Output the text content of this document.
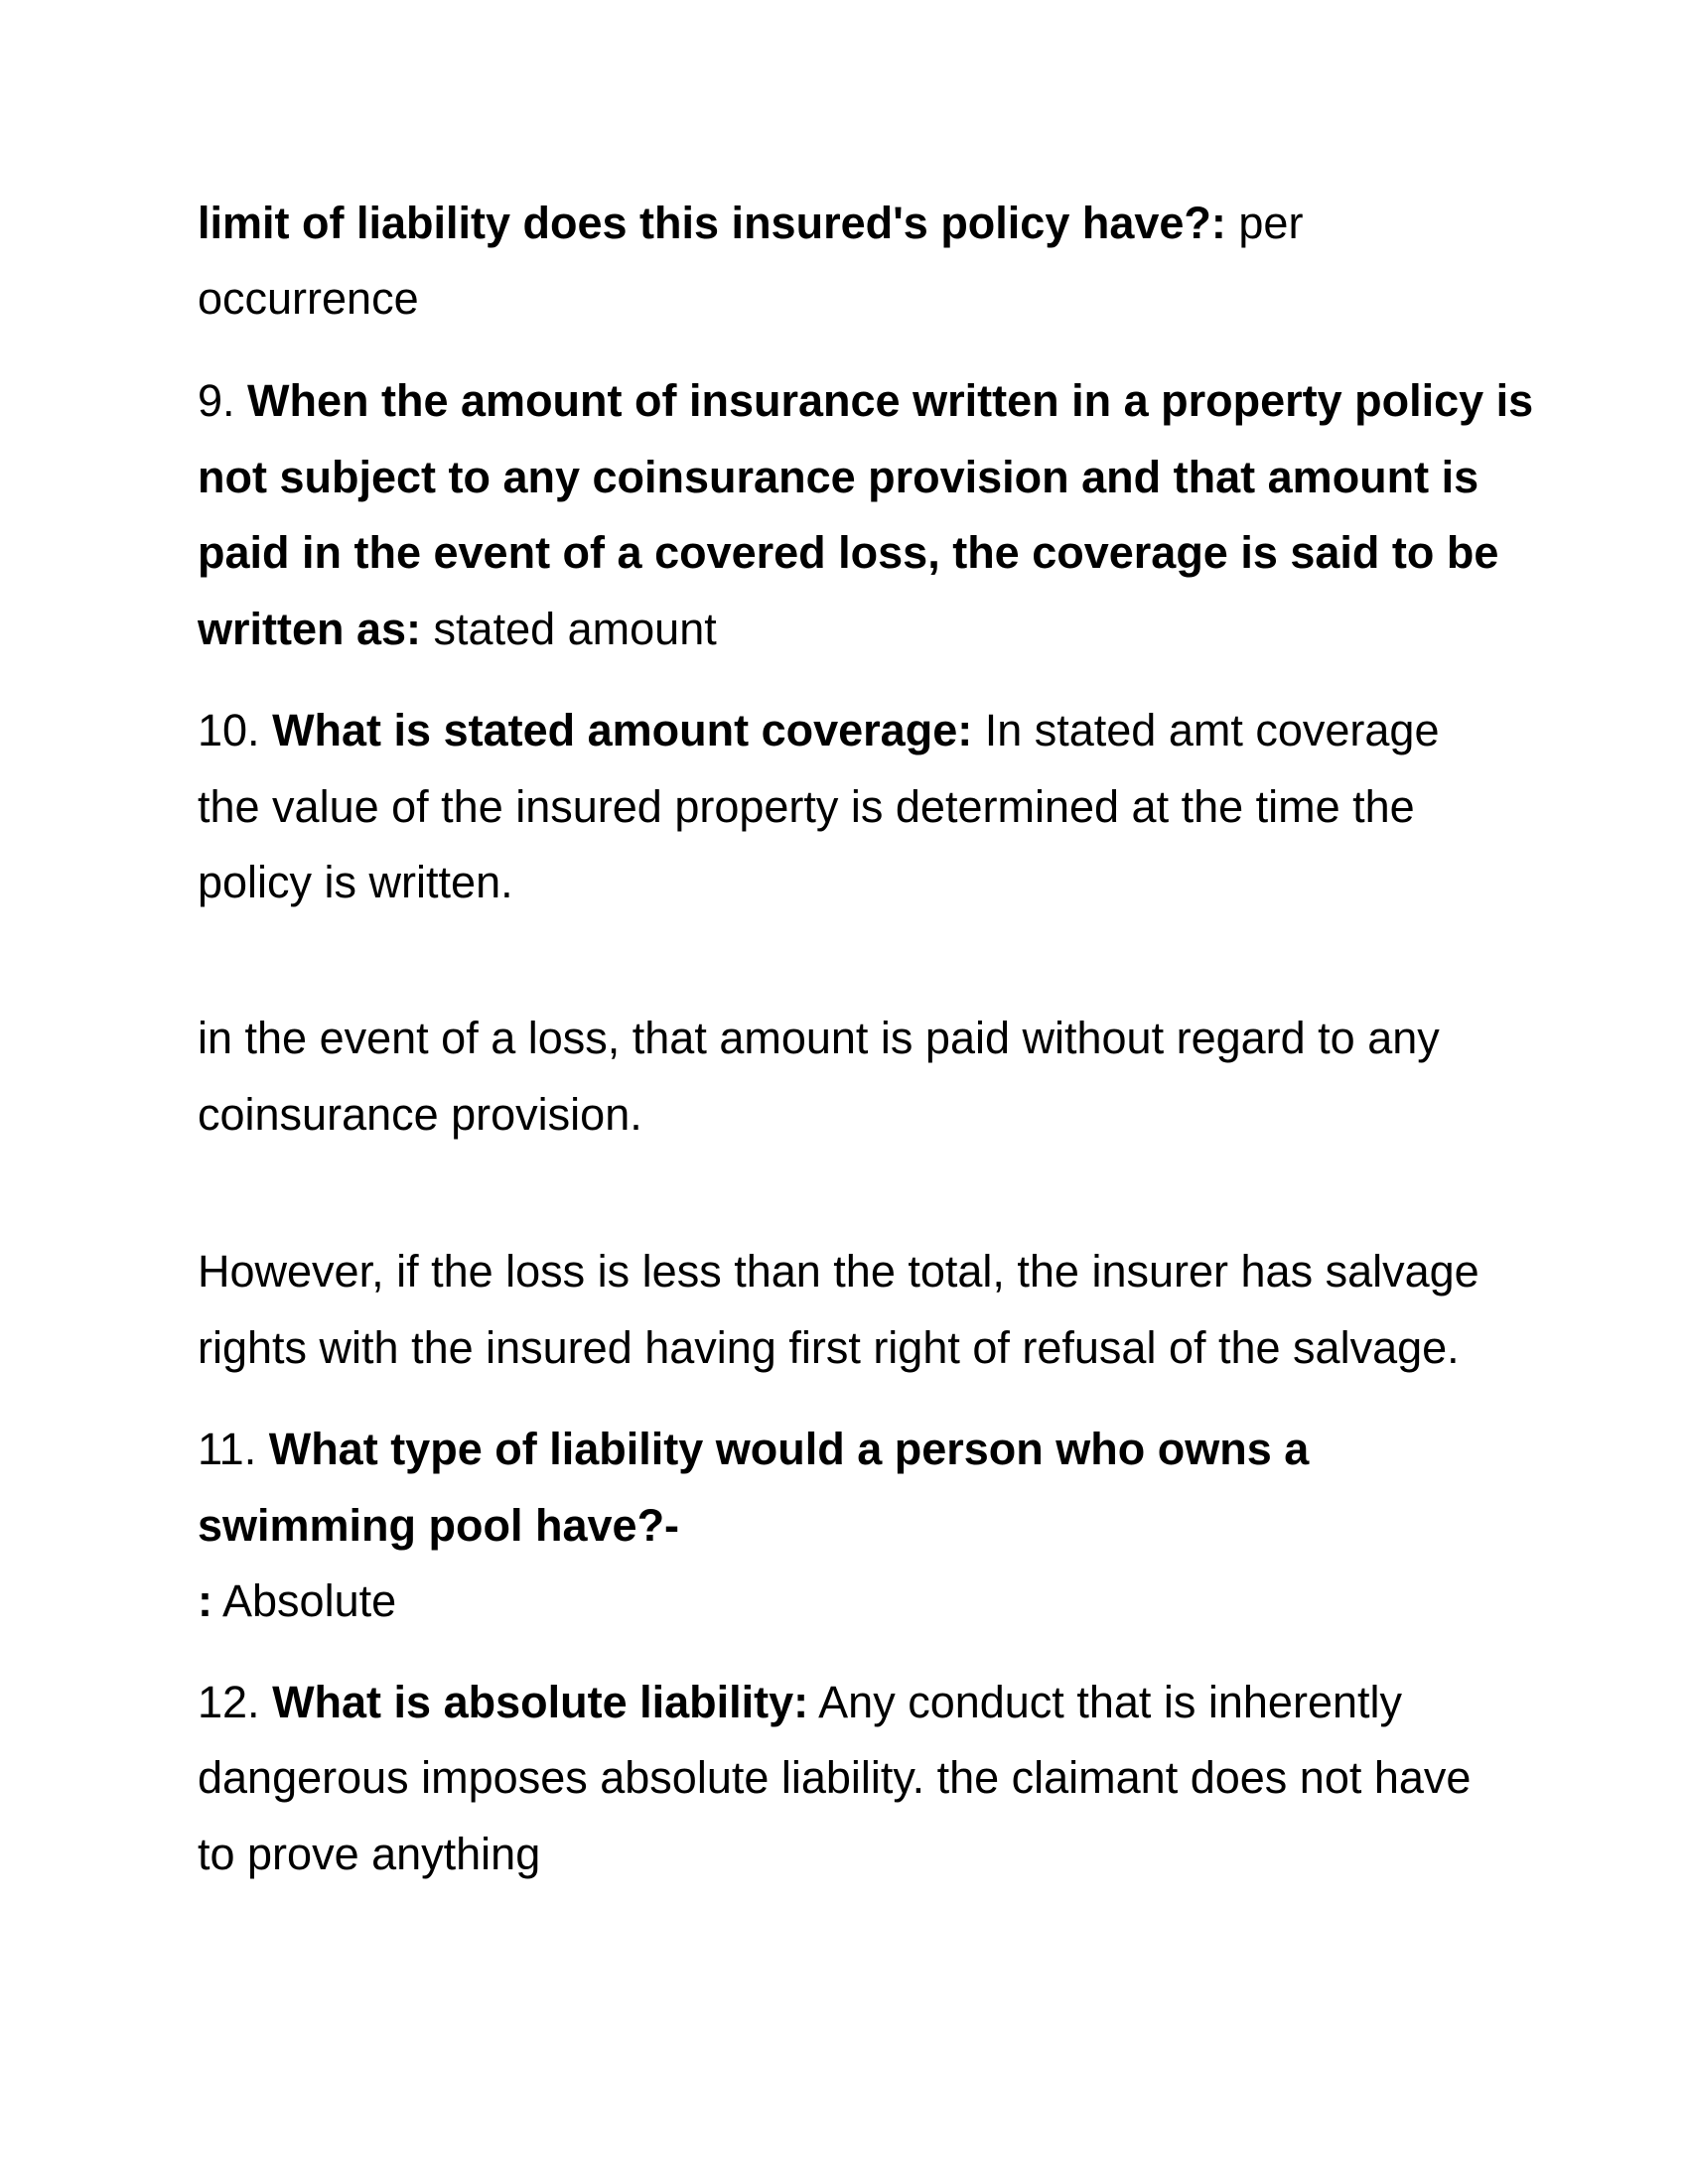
limit of liability does this insured's policy have?: per

occurrence

9. When the amount of insurance written in a property policy is

not subject to any coinsurance provision and that amount is

paid in the event of a covered loss, the coverage is said to be

written as: stated amount

10. What is stated amount coverage: In stated amt coverage

the value of the insured property is determined at the time the

policy is written.

in the event of a loss, that amount is paid without regard to any

coinsurance provision.

However, if the loss is less than the total, the insurer has salvage

rights with the insured having first right of refusal of the salvage.

11. What type of liability would a person who owns a

swimming pool have?-

: Absolute

12. What is absolute liability: Any conduct that is inherently

dangerous imposes absolute liability. the claimant does not have

to prove anything
